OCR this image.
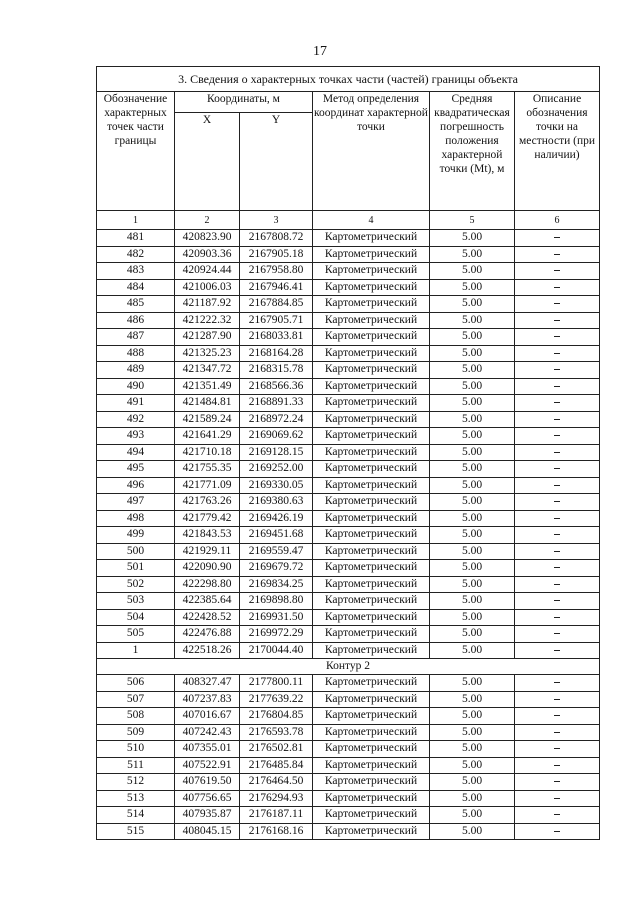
17
3. Сведения о характерных точках части (частей) границы объекта					
Обозначение характерных точек части границы	Координаты, м		Метод определения координат характерной точки	Средняя квадратическая погрешность положения характерной точки (Mt), м	Описание обозначения точки на местности (при наличии)
	X	Y			
1	2	3	4	5	6
481	420823.90	2167808.72	Картометрический	5.00	
482	420903.36	2167905.18	Картометрический	5.00	
483	420924.44	2167958.80	Картометрический	5.00	
484	421006.03	2167946.41	Картометрический	5.00	
485	421187.92	2167884.85	Картометрический	5.00	
486	421222.32	2167905.71	Картометрический	5.00	
487	421287.90	2168033.81	Картометрический	5.00	
488	421325.23	2168164.28	Картометрический	5.00	
489	421347.72	2168315.78	Картометрический	5.00	
490	421351.49	2168566.36	Картометрический	5.00	
491	421484.81	2168891.33	Картометрический	5.00	
492	421589.24	2168972.24	Картометрический	5.00	
493	421641.29	2169069.62	Картометрический	5.00	
494	421710.18	2169128.15	Картометрический	5.00	
495	421755.35	2169252.00	Картометрический	5.00	
496	421771.09	2169330.05	Картометрический	5.00	
497	421763.26	2169380.63	Картометрический	5.00	
498	421779.42	2169426.19	Картометрический	5.00	
499	421843.53	2169451.68	Картометрический	5.00	
500	421929.11	2169559.47	Картометрический	5.00	
501	422090.90	2169679.72	Картометрический	5.00	
502	422298.80	2169834.25	Картометрический	5.00	
503	422385.64	2169898.80	Картометрический	5.00	
504	422428.52	2169931.50	Картометрический	5.00	
505	422476.88	2169972.29	Картометрический	5.00	
1	422518.26	2170044.40	Картометрический	5.00	
Контур 2					
506	408327.47	2177800.11	Картометрический	5.00	
507	407237.83	2177639.22	Картометрический	5.00	
508	407016.67	2176804.85	Картометрический	5.00	
509	407242.43	2176593.78	Картометрический	5.00	
510	407355.01	2176502.81	Картометрический	5.00	
511	407522.91	2176485.84	Картометрический	5.00	
512	407619.50	2176464.50	Картометрический	5.00	
513	407756.65	2176294.93	Картометрический	5.00	
514	407935.87	2176187.11	Картометрический	5.00	
515	408045.15	2176168.16	Картометрический	5.00	
